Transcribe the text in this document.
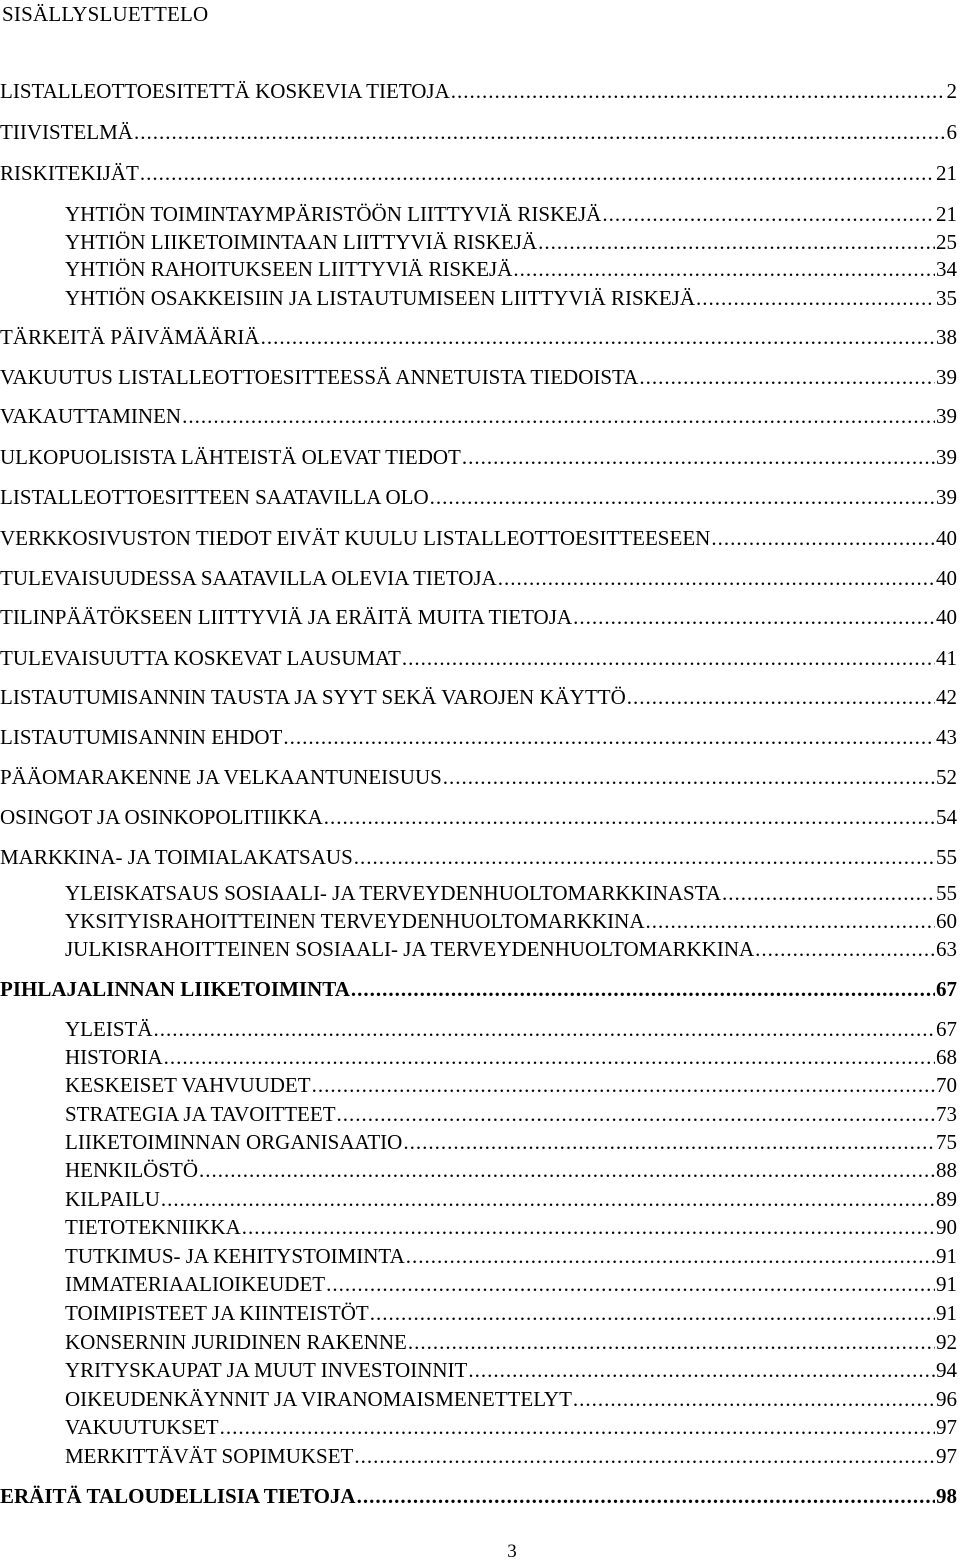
SISÄLLYSLUETTELO
LISTALLEOTTOESITETTÄ KOSKEVIA TIETOJA .....	2
TIIVISTELMÄ .....	6
RISKITEKIJÄT .....	21
YHTIÖN TOIMINTAYMPÄRISTÖÖN LIITTYVIÄ RISKEJÄ .....	21
YHTIÖN LIIKETOIMINTAAN LIITTYVIÄ RISKEJÄ .....	25
YHTIÖN RAHOITUKSEEN LIITTYVIÄ RISKEJÄ .....	34
YHTIÖN OSAKKEISIIN JA LISTAUTUMISEEN LIITTYVIÄ RISKEJÄ .....	35
TÄRKEITÄ PÄIVÄMÄÄRIÄ .....	38
VAKUUTUS LISTALLEOTTOESITTEESSÄ ANNETUISTA TIEDOISTA .....	39
VAKAUTTAMINEN .....	39
ULKOPUOLISISTA LÄHTEISTÄ OLEVAT TIEDOT .....	39
LISTALLEOTTOESITTEEN SAATAVILLA OLO .....	39
VERKKOSIVUSTON TIEDOT EIVÄT KUULU LISTALLEOTTOESITTEESEEN .....	40
TULEVAISUUDESSA SAATAVILLA OLEVIA TIETOJA .....	40
TILINPÄÄTÖKSEEN LIITTYVIÄ JA ERÄITÄ MUITA TIETOJA .....	40
TULEVAISUUTTA KOSKEVAT LAUSUMAT .....	41
LISTAUTUMISANNIN TAUSTA JA SYYT SEKÄ VAROJEN KÄYTTÖ .....	42
LISTAUTUMISANNIN EHDOT .....	43
PÄÄOMARAKENNE JA VELKAANTUNEISUUS .....	52
OSINGOT JA OSINKOPOLITIIKKA .....	54
MARKKINA- JA TOIMIALAKATSAUS .....	55
YLEISKATSAUS SOSIAALI- JA TERVEYDENHUOLTOMARKKINASTA .....	55
YKSITYISRAHOITTEINEN TERVEYDENHUOLTOMARKKINA .....	60
JULKISRAHOITTEINEN SOSIAALI- JA TERVEYDENHUOLTOMARKKINA .....	63
PIHLAJALINNAN LIIKETOIMINTA .....	67
YLEISTÄ .....	67
HISTORIA .....	68
KESKEISET VAHVUUDET .....	70
STRATEGIA JA TAVOITTEET .....	73
LIIKETOIMINNAN ORGANISAATIO .....	75
HENKILÖSTÖ .....	88
KILPAILU .....	89
TIETOTEKNIIKKA .....	90
TUTKIMUS- JA KEHITYSTOIMINTA .....	91
IMMATERIAALIOIKEUDET .....	91
TOIMIPISTEET JA KIINTEISTÖT .....	91
KONSERNIN JURIDINEN RAKENNE .....	92
YRITYSKAUPAT JA MUUT INVESTOINNIT .....	94
OIKEUDENKÄYNNIT JA VIRANOMAISMENETTELYT .....	96
VAKUUTUKSET .....	97
MERKITTÄVÄT SOPIMUKSET .....	97
ERÄITÄ TALOUDELLISIA TIETOJA .....	98
3
